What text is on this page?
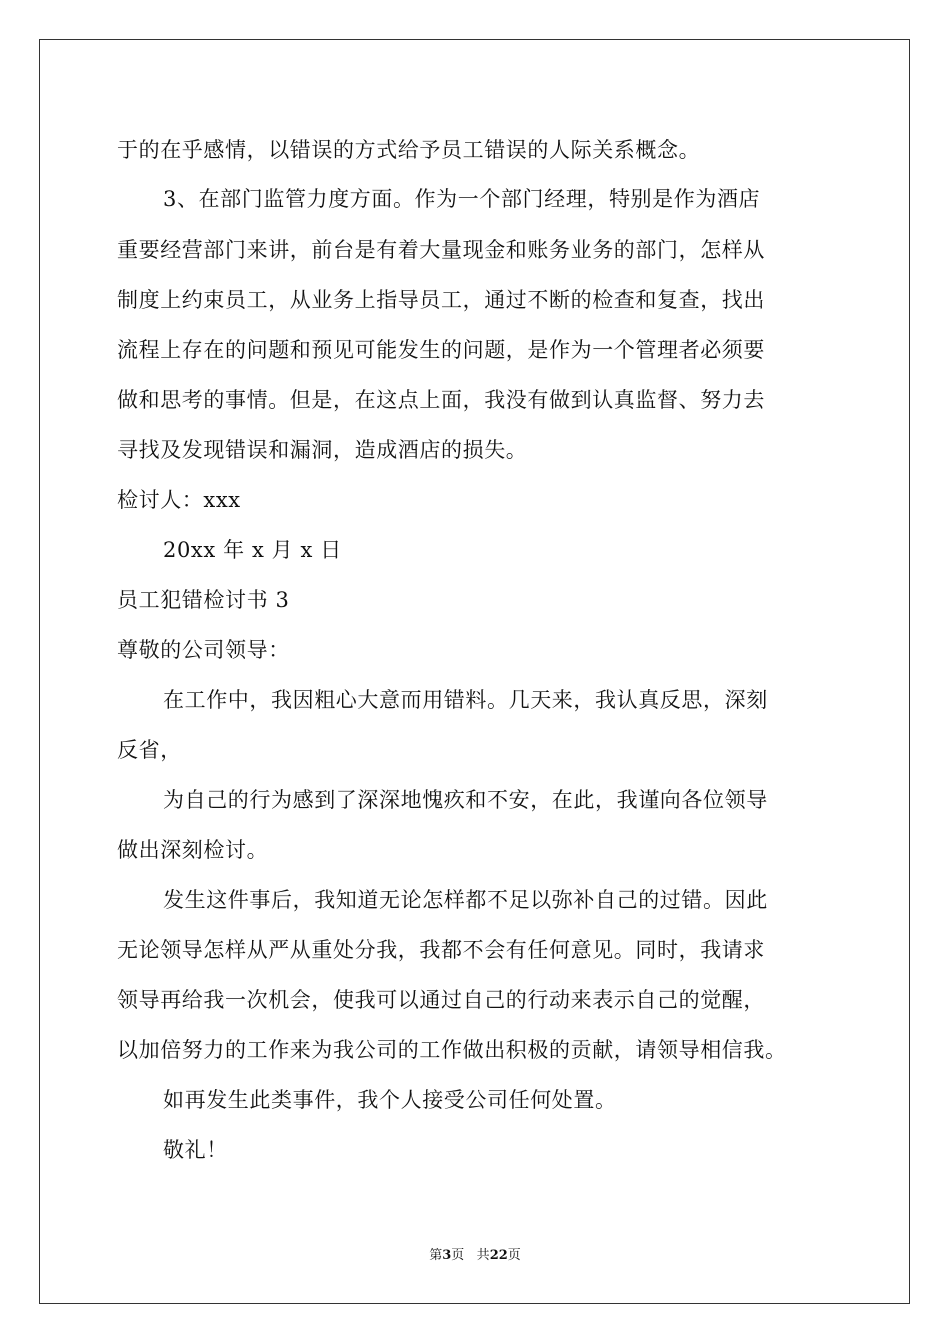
于的在乎感情，以错误的方式给予员工错误的人际关系概念。
3、在部门监管力度方面。作为一个部门经理，特别是作为酒店
重要经营部门来讲，前台是有着大量现金和账务业务的部门，怎样从
制度上约束员工，从业务上指导员工，通过不断的检查和复查，找出
流程上存在的问题和预见可能发生的问题，是作为一个管理者必须要
做和思考的事情。但是，在这点上面，我没有做到认真监督、努力去
寻找及发现错误和漏洞，造成酒店的损失。
检讨人：xxx
20xx 年 x 月 x 日
员工犯错检讨书 3
尊敬的公司领导：
在工作中，我因粗心大意而用错料。几天来，我认真反思，深刻
反省，
为自己的行为感到了深深地愧疚和不安，在此，我谨向各位领导
做出深刻检讨。
发生这件事后，我知道无论怎样都不足以弥补自己的过错。因此
无论领导怎样从严从重处分我，我都不会有任何意见。同时，我请求
领导再给我一次机会，使我可以通过自己的行动来表示自己的觉醒，
以加倍努力的工作来为我公司的工作做出积极的贡献，请领导相信我。
如再发生此类事件，我个人接受公司任何处置。
敬礼！
第3页 共22页
